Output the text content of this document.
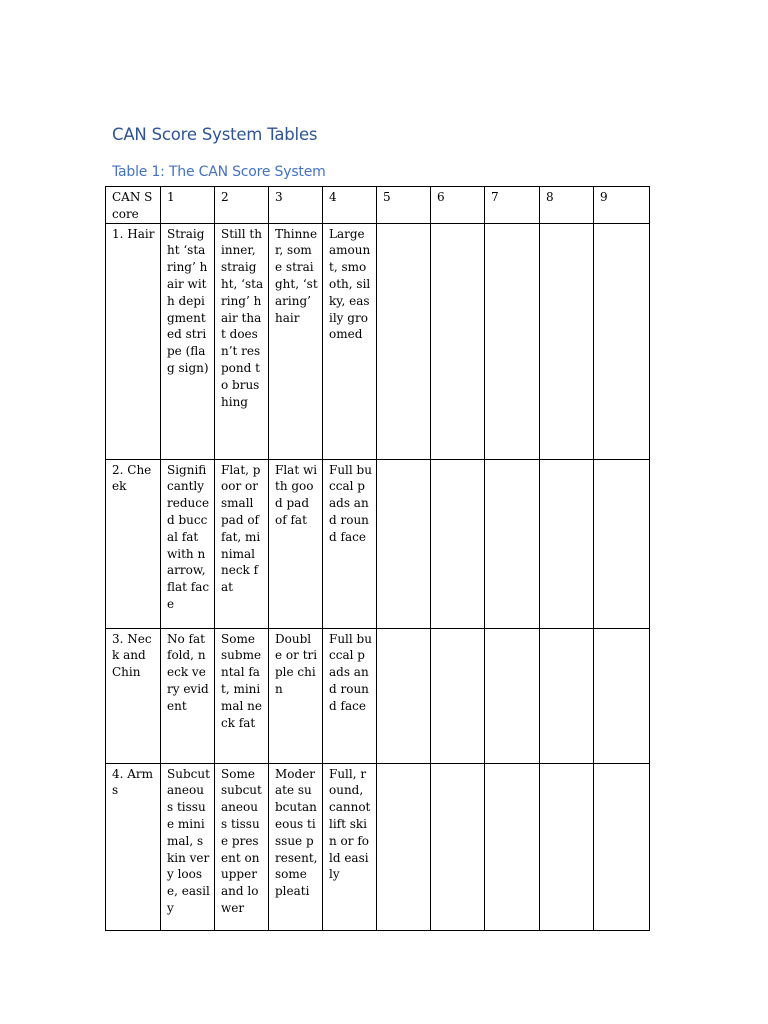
CAN Score System Tables
Table 1: The CAN Score System
CAN Score	1	2	3	4	5	6	7	8	9
1. Hair	Straight ‘staring’ hair with depigmented stripe (flag sign)	Still thinner, straight, ‘staring’ hair that doesn’t respond to brushing	Thinner, some straight, ‘staring’ hair	Large amount, smooth, silky, easily groomed					
2. Cheek	Significantly reduced buccal fat with narrow, flat face	Flat, poor or small pad of fat, minimal neck fat	Flat with good pad of fat	Full buccal pads and round face					
3. Neck and Chin	No fat fold, neck very evident	Some submental fat, minimal neck fat	Double or triple chin	Full buccal pads and round face					
4. Arms	Subcutaneous tissue minimal, skin very loose, easily	Some subcutaneous tissue present on upper and lower	Moderate subcutaneous tissue present, some pleati	Full, round, cannot lift skin or fold easily					
